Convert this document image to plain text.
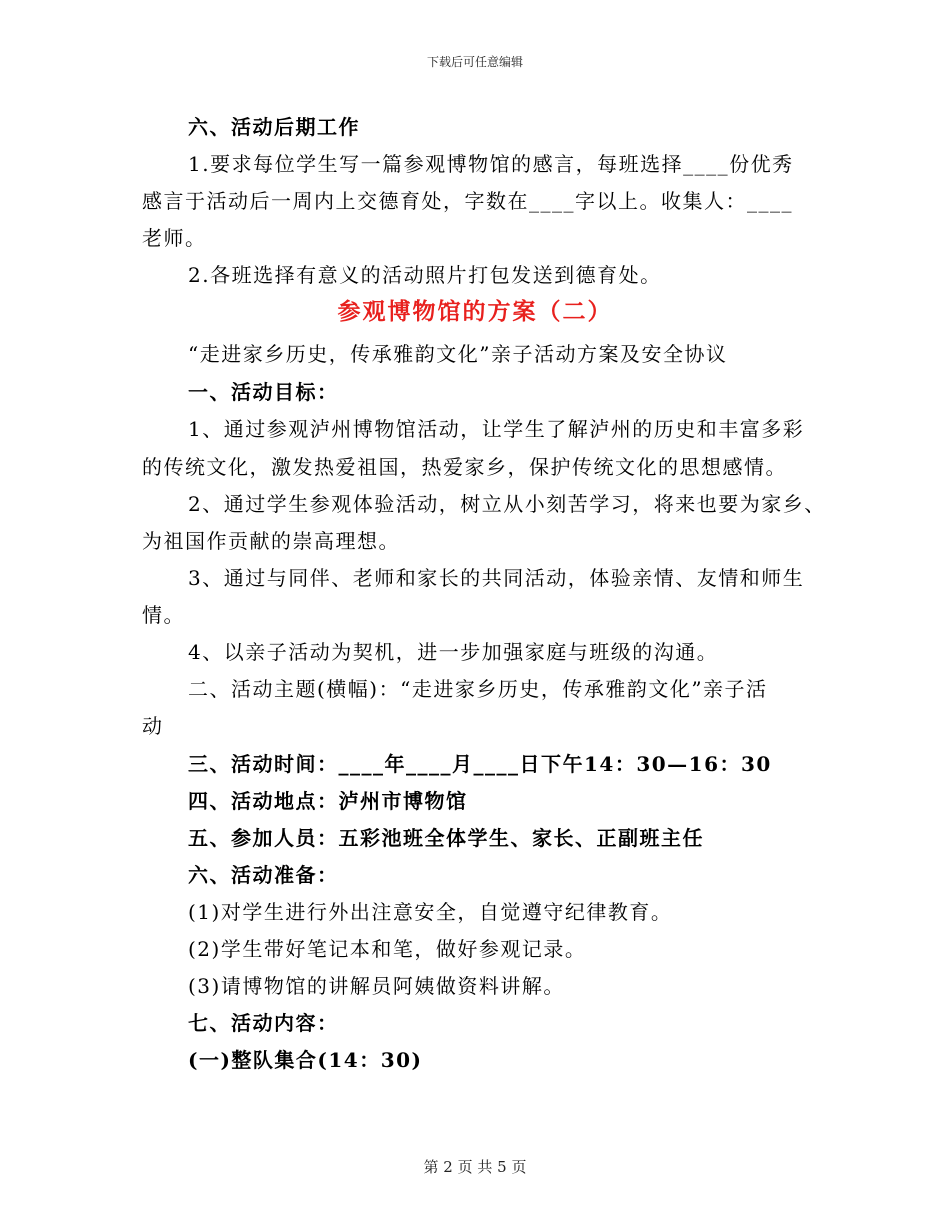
下载后可任意编辑
六、活动后期工作
1.要求每位学生写一篇参观博物馆的感言，每班选择____份优秀
感言于活动后一周内上交德育处，字数在____字以上。收集人：____
老师。
2.各班选择有意义的活动照片打包发送到德育处。
参观博物馆的方案（二）
“走进家乡历史，传承雅韵文化”亲子活动方案及安全协议
一、活动目标：
1、通过参观泸州博物馆活动，让学生了解泸州的历史和丰富多彩
的传统文化，激发热爱祖国，热爱家乡，保护传统文化的思想感情。
2、通过学生参观体验活动，树立从小刻苦学习，将来也要为家乡、
为祖国作贡献的崇高理想。
3、通过与同伴、老师和家长的共同活动，体验亲情、友情和师生
情。
4、以亲子活动为契机，进一步加强家庭与班级的沟通。
二、活动主题(横幅)：“走进家乡历史，传承雅韵文化”亲子活
动
三、活动时间：____年____月____日下午14：30—16：30
四、活动地点：泸州市博物馆
五、参加人员：五彩池班全体学生、家长、正副班主任
六、活动准备：
(1)对学生进行外出注意安全，自觉遵守纪律教育。
(2)学生带好笔记本和笔，做好参观记录。
(3)请博物馆的讲解员阿姨做资料讲解。
七、活动内容：
(一)整队集合(14：30)
第 2 页 共 5 页
